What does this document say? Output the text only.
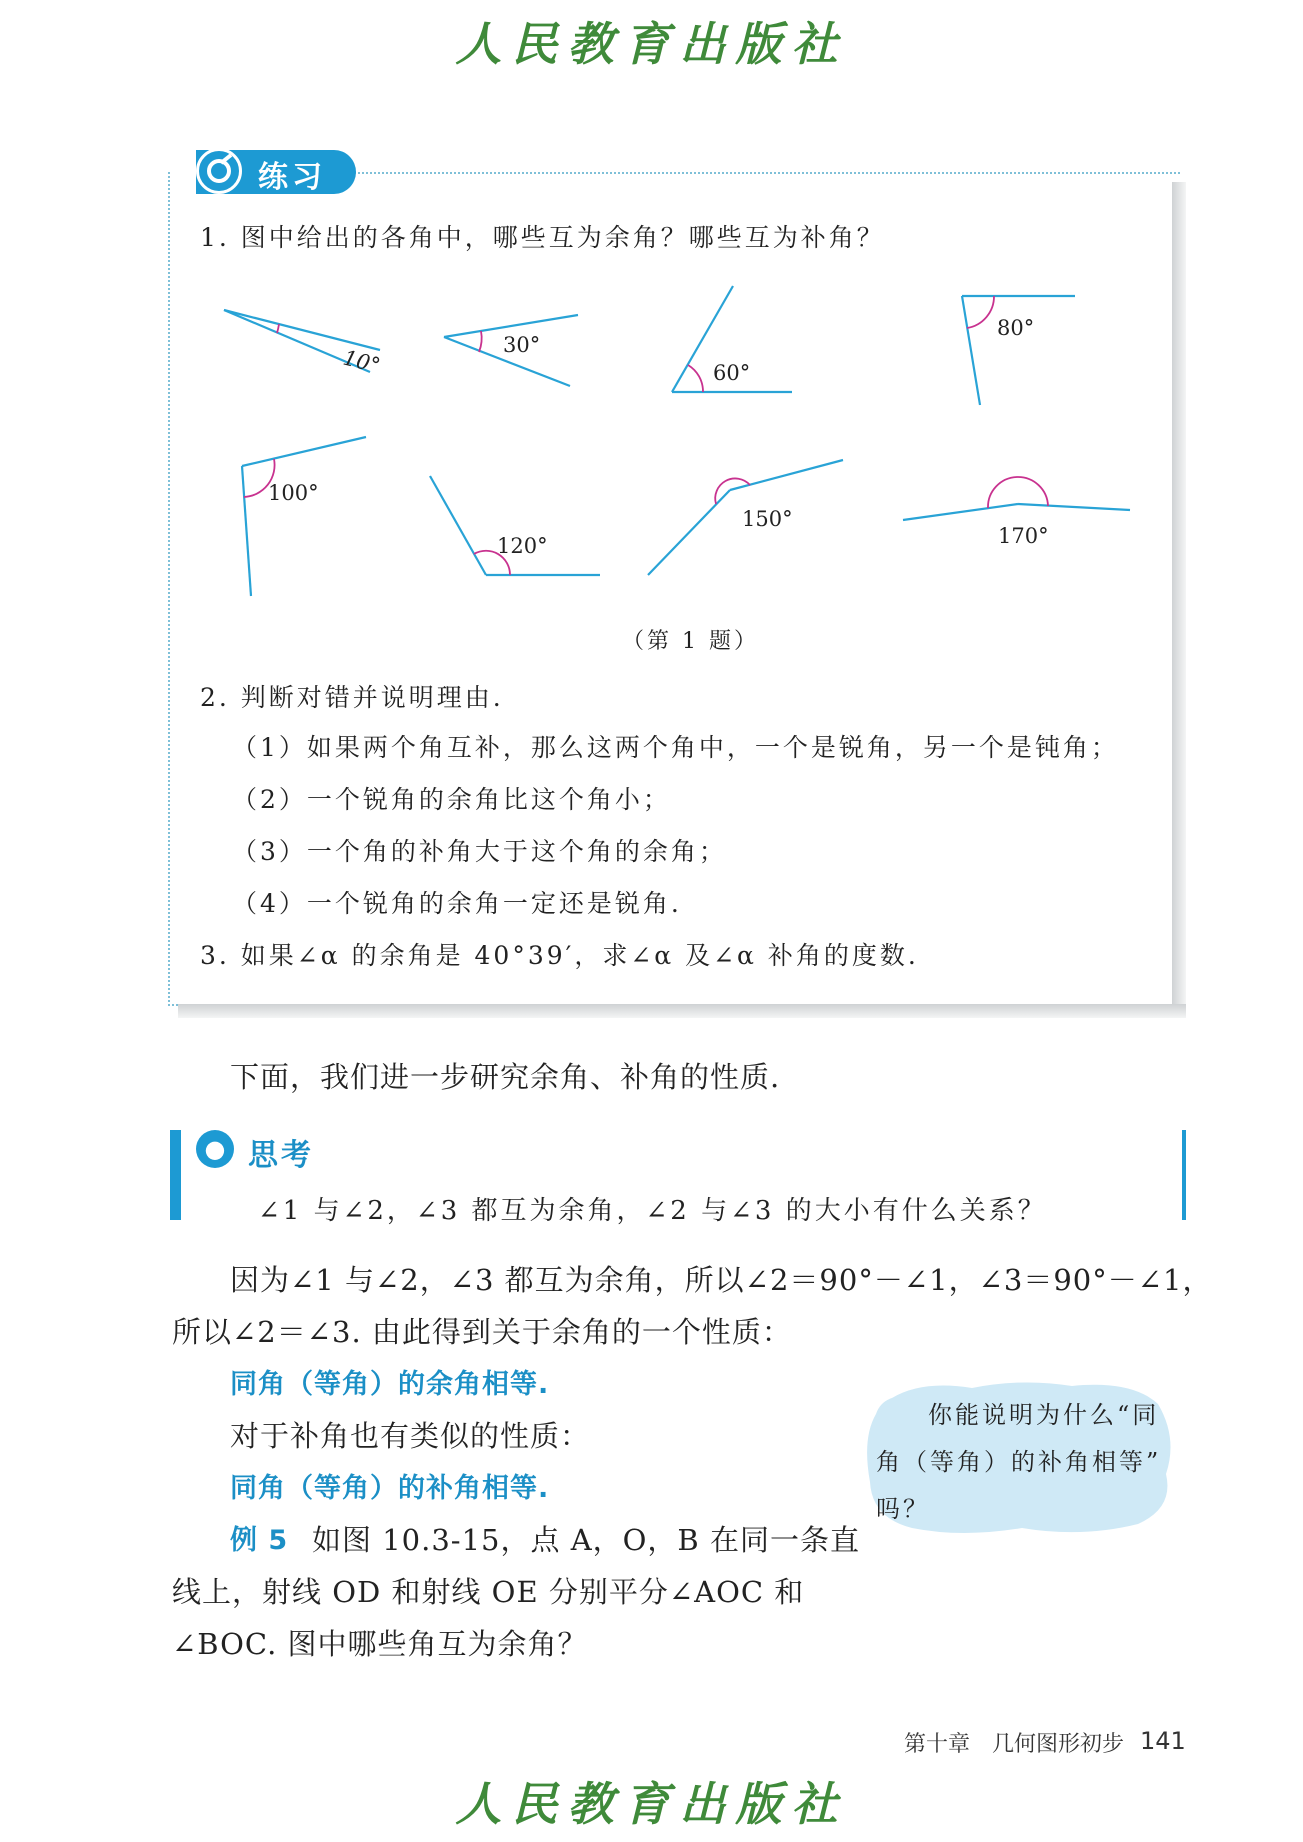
人民教育出版社
练习
1. 图中给出的各角中，哪些互为余角？哪些互为补角？
10°
30°
60°
80°
100°
120°
150°
170°
（第 1 题）
2. 判断对错并说明理由.
（1）如果两个角互补，那么这两个角中，一个是锐角，另一个是钝角；
（2）一个锐角的余角比这个角小；
（3）一个角的补角大于这个角的余角；
（4）一个锐角的余角一定还是锐角.
3. 如果∠α 的余角是 40°39′，求∠α 及∠α 补角的度数.
下面，我们进一步研究余角、补角的性质.
● 思考
∠1 与∠2，∠3 都互为余角，∠2 与∠3 的大小有什么关系？
因为∠1 与∠2，∠3 都互为余角，所以∠2＝90°－∠1，∠3＝90°－∠1，
所以∠2＝∠3. 由此得到关于余角的一个性质：
同角（等角）的余角相等.
对于补角也有类似的性质：
同角（等角）的补角相等.
例 5 如图 10.3-15，点 A，O，B 在同一条直
线上，射线 OD 和射线 OE 分别平分∠AOC 和
∠BOC. 图中哪些角互为余角？
你能说明为什么“同
角（等角）的补角相等”
吗？
第十章　几何图形初步 141
人民教育出版社
